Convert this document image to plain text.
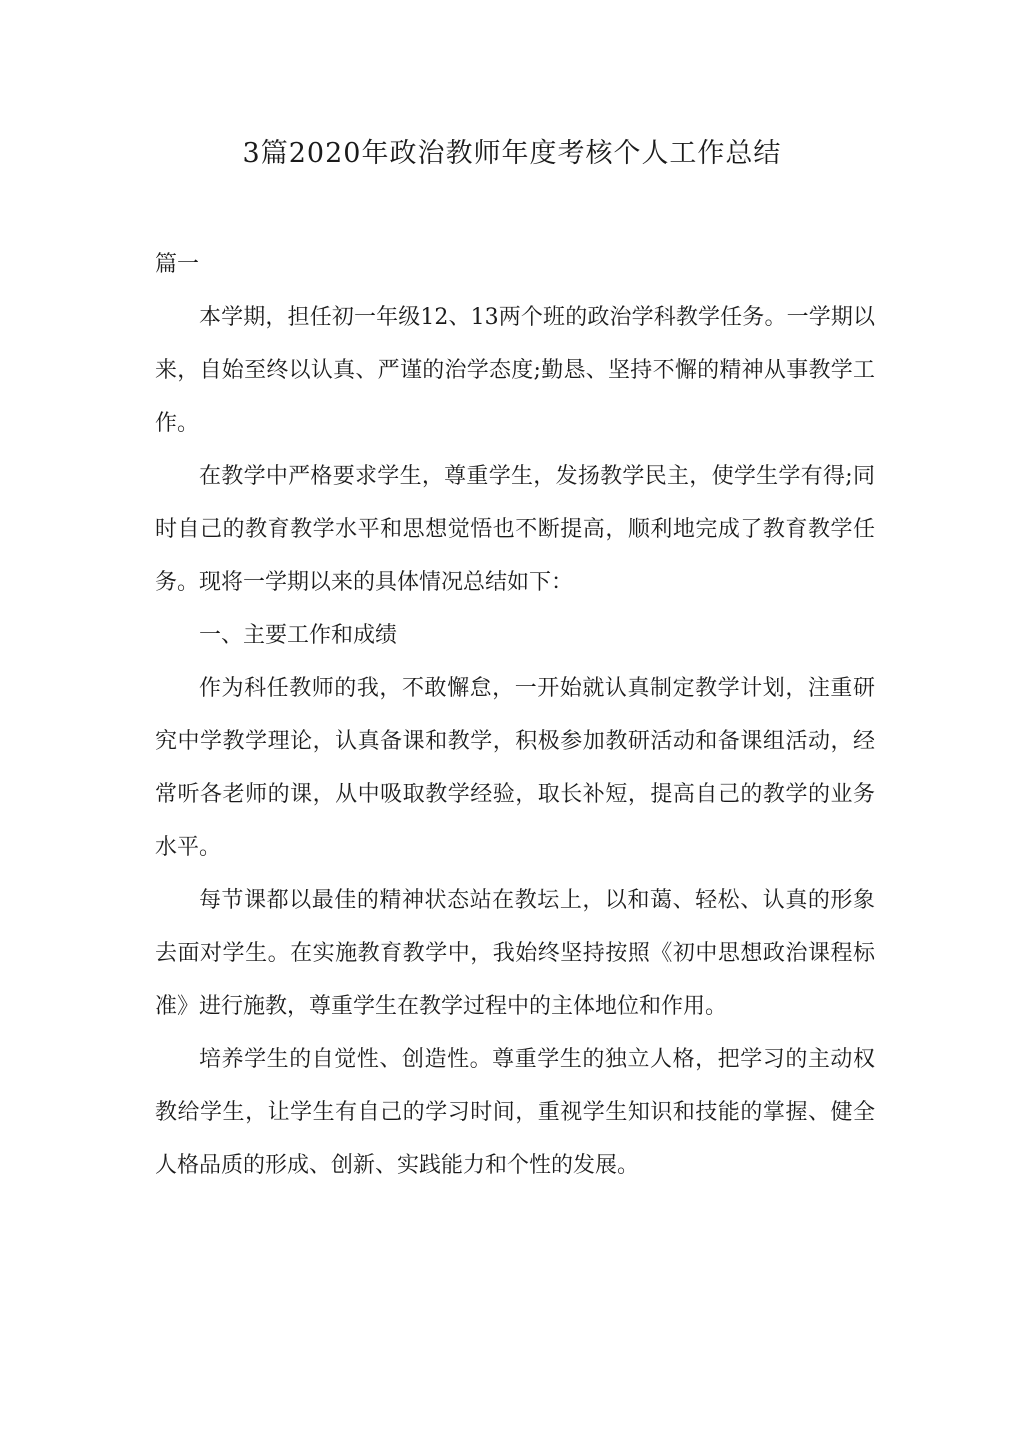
3篇2020年政治教师年度考核个人工作总结

篇一

本学期，担任初一年级12、13两个班的政治学科教学任务。一学期以来，自始至终以认真、严谨的治学态度;勤恳、坚持不懈的精神从事教学工作。

在教学中严格要求学生，尊重学生，发扬教学民主，使学生学有得;同时自己的教育教学水平和思想觉悟也不断提高，顺利地完成了教育教学任务。现将一学期以来的具体情况总结如下：

一、主要工作和成绩

作为科任教师的我，不敢懈怠，一开始就认真制定教学计划，注重研究中学教学理论，认真备课和教学，积极参加教研活动和备课组活动，经常听各老师的课，从中吸取教学经验，取长补短，提高自己的教学的业务水平。

每节课都以最佳的精神状态站在教坛上，以和蔼、轻松、认真的形象去面对学生。在实施教育教学中，我始终坚持按照《初中思想政治课程标准》进行施教，尊重学生在教学过程中的主体地位和作用。

培养学生的自觉性、创造性。尊重学生的独立人格，把学习的主动权教给学生，让学生有自己的学习时间，重视学生知识和技能的掌握、健全人格品质的形成、创新、实践能力和个性的发展。
